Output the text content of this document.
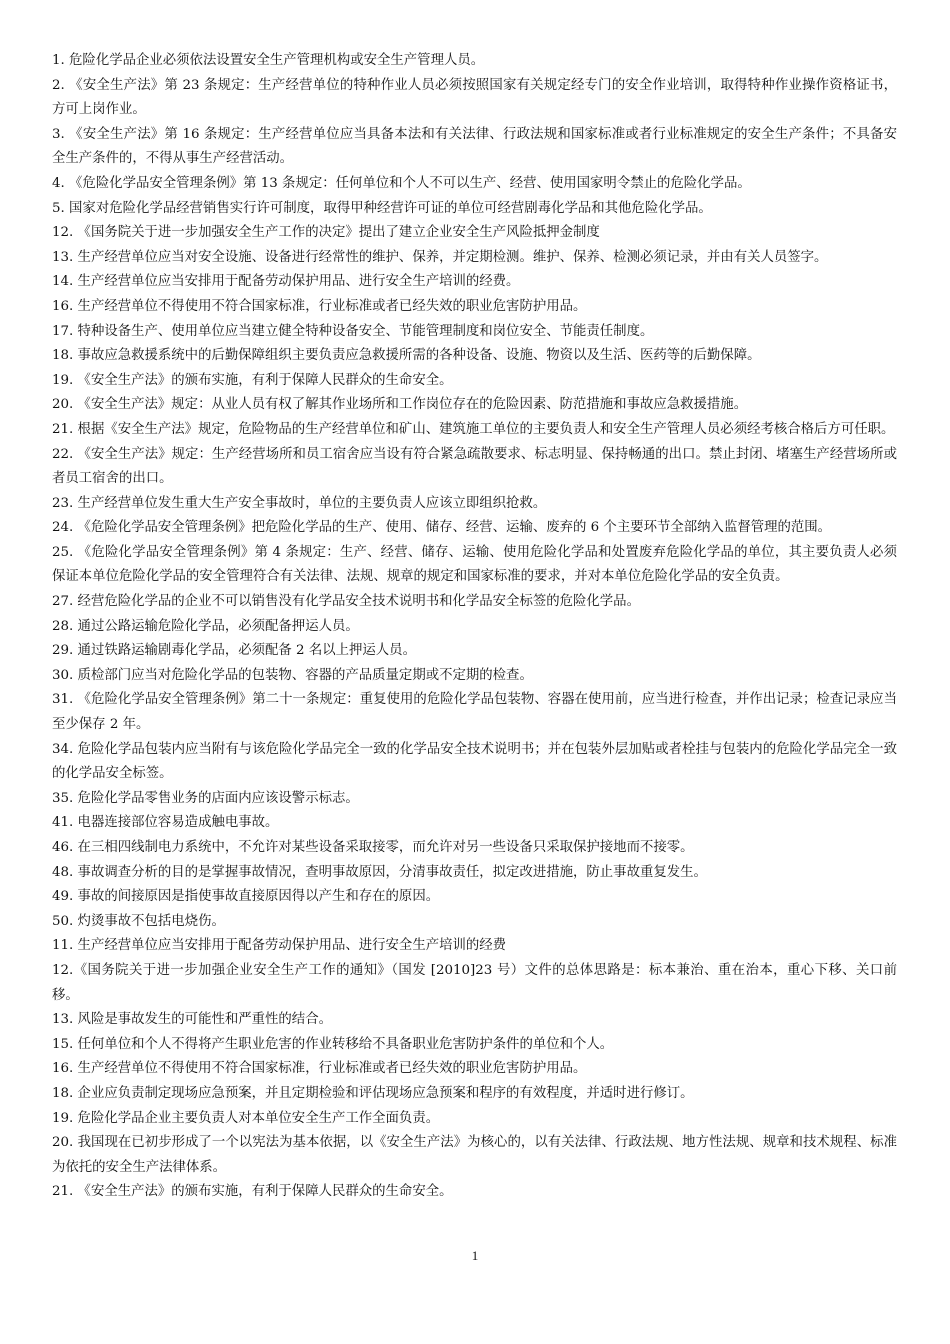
1. 危险化学品企业必须依法设置安全生产管理机构或安全生产管理人员。

2. 《安全生产法》第 23 条规定：生产经营单位的特种作业人员必须按照国家有关规定经专门的安全作业培训，取得特种作业操作资格证书，方可上岗作业。

3. 《安全生产法》第 16 条规定：生产经营单位应当具备本法和有关法律、行政法规和国家标准或者行业标准规定的安全生产条件；不具备安全生产条件的，不得从事生产经营活动。

4. 《危险化学品安全管理条例》第 13 条规定：任何单位和个人不可以生产、经营、使用国家明令禁止的危险化学品。

5. 国家对危险化学品经营销售实行许可制度，取得甲种经营许可证的单位可经营剧毒化学品和其他危险化学品。

12. 《国务院关于进一步加强安全生产工作的决定》提出了建立企业安全生产风险抵押金制度

13. 生产经营单位应当对安全设施、设备进行经常性的维护、保养，并定期检测。维护、保养、检测必须记录，并由有关人员签字。

14. 生产经营单位应当安排用于配备劳动保护用品、进行安全生产培训的经费。

16. 生产经营单位不得使用不符合国家标准，行业标准或者已经失效的职业危害防护用品。

17. 特种设备生产、使用单位应当建立健全特种设备安全、节能管理制度和岗位安全、节能责任制度。

18. 事故应急救援系统中的后勤保障组织主要负责应急救援所需的各种设备、设施、物资以及生活、医药等的后勤保障。

19. 《安全生产法》的颁布实施，有利于保障人民群众的生命安全。

20. 《安全生产法》规定：从业人员有权了解其作业场所和工作岗位存在的危险因素、防范措施和事故应急救援措施。

21. 根据《安全生产法》规定，危险物品的生产经营单位和矿山、建筑施工单位的主要负责人和安全生产管理人员必须经考核合格后方可任职。

22. 《安全生产法》规定：生产经营场所和员工宿舍应当设有符合紧急疏散要求、标志明显、保持畅通的出口。禁止封闭、堵塞生产经营场所或者员工宿舍的出口。

23. 生产经营单位发生重大生产安全事故时，单位的主要负责人应该立即组织抢救。

24. 《危险化学品安全管理条例》把危险化学品的生产、使用、储存、经营、运输、废弃的 6 个主要环节全部纳入监督管理的范围。

25. 《危险化学品安全管理条例》第 4 条规定：生产、经营、储存、运输、使用危险化学品和处置废弃危险化学品的单位，其主要负责人必须保证本单位危险化学品的安全管理符合有关法律、法规、规章的规定和国家标准的要求，并对本单位危险化学品的安全负责。

27. 经营危险化学品的企业不可以销售没有化学品安全技术说明书和化学品安全标签的危险化学品。

28. 通过公路运输危险化学品，必须配备押运人员。

29. 通过铁路运输剧毒化学品，必须配备 2 名以上押运人员。

30. 质检部门应当对危险化学品的包装物、容器的产品质量定期或不定期的检查。

31. 《危险化学品安全管理条例》第二十一条规定：重复使用的危险化学品包装物、容器在使用前，应当进行检查，并作出记录；检查记录应当至少保存 2 年。

34. 危险化学品包装内应当附有与该危险化学品完全一致的化学品安全技术说明书；并在包装外层加贴或者栓挂与包装内的危险化学品完全一致的化学品安全标签。

35. 危险化学品零售业务的店面内应该设警示标志。

41. 电器连接部位容易造成触电事故。

46. 在三相四线制电力系统中，不允许对某些设备采取接零，而允许对另一些设备只采取保护接地而不接零。

48. 事故调查分析的目的是掌握事故情况，查明事故原因，分清事故责任，拟定改进措施，防止事故重复发生。

49. 事故的间接原因是指使事故直接原因得以产生和存在的原因。

50. 灼烫事故不包括电烧伤。

11. 生产经营单位应当安排用于配备劳动保护用品、进行安全生产培训的经费

12.《国务院关于进一步加强企业安全生产工作的通知》（国发 [2010]23 号）文件的总体思路是：标本兼治、重在治本，重心下移、关口前移。

13. 风险是事故发生的可能性和严重性的结合。

15. 任何单位和个人不得将产生职业危害的作业转移给不具备职业危害防护条件的单位和个人。

16. 生产经营单位不得使用不符合国家标准，行业标准或者已经失效的职业危害防护用品。

18. 企业应负责制定现场应急预案，并且定期检验和评估现场应急预案和程序的有效程度，并适时进行修订。

19. 危险化学品企业主要负责人对本单位安全生产工作全面负责。

20. 我国现在已初步形成了一个以宪法为基本依据，以《安全生产法》为核心的，以有关法律、行政法规、地方性法规、规章和技术规程、标准为依托的安全生产法律体系。

21. 《安全生产法》的颁布实施，有利于保障人民群众的生命安全。

1
